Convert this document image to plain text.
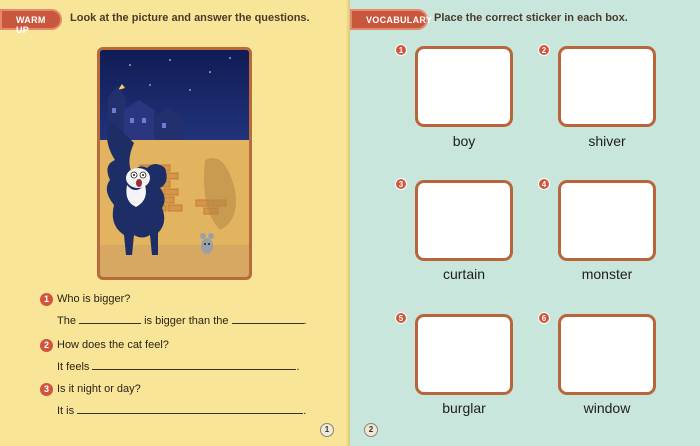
WARM UP
Look at the picture and answer the questions.
1 Who is bigger?
The	is bigger than the	.
2 How does the cat feel?
It feels	.
3 Is it night or day?
It is	.
1
VOCABULARY Place the correct sticker in each box.
1
boy
2
shiver
3
curtain
4
monster
5
burglar
6
window
2
